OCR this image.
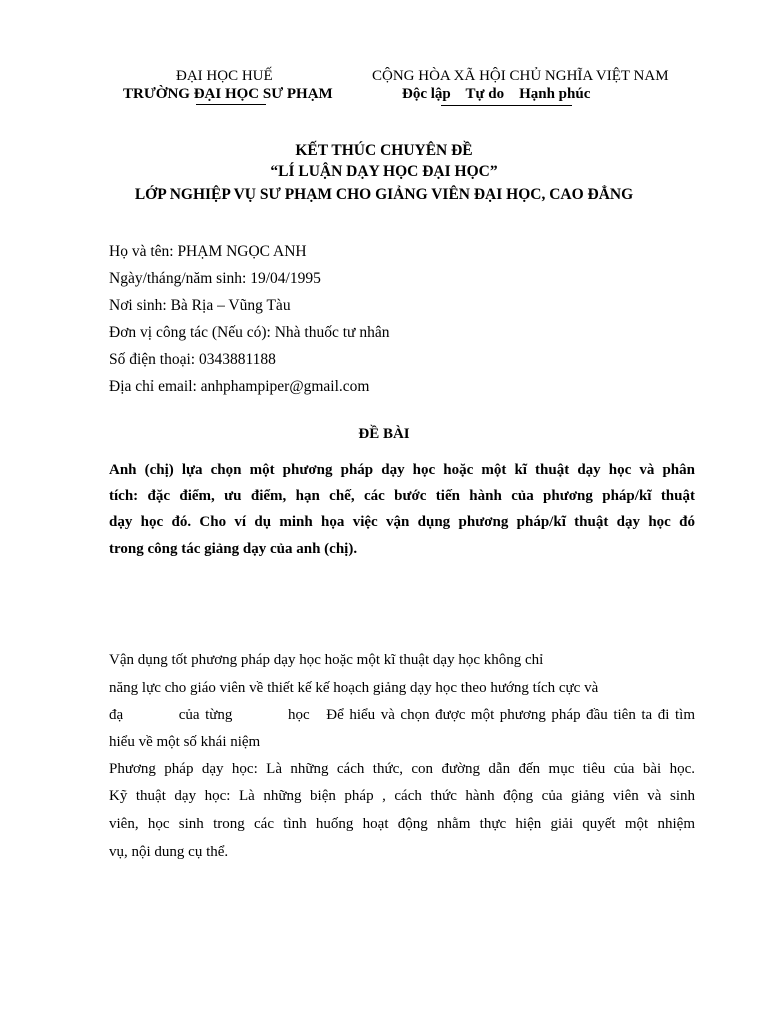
ĐẠI HỌC HUẾ
TRƯỜNG ĐẠI HỌC SƯ PHẠM
CỘNG HÒA XÃ HỘI CHỦ NGHĨA VIỆT NAM
Độc lập    Tự do    Hạnh phúc
KẾT THÚC CHUYÊN ĐỀ
“LÍ LUẬN DẠY HỌC ĐẠI HỌC”
LỚP NGHIỆP VỤ SƯ PHẠM CHO GIẢNG VIÊN ĐẠI HỌC, CAO ĐẲNG
Họ và tên: PHẠM NGỌC ANH
Ngày/tháng/năm sinh: 19/04/1995
Nơi sinh: Bà Rịa – Vũng Tàu
Đơn vị công tác (Nếu có): Nhà thuốc tư nhân
Số điện thoại: 0343881188
Địa chỉ email: anhphampiper@gmail.com
ĐỀ BÀI
Anh (chị) lựa chọn một phương pháp dạy học hoặc một kĩ thuật dạy học và phân
tích: đặc điểm, ưu điểm, hạn chế, các bước tiến hành của phương pháp/kĩ thuật
dạy học đó. Cho ví dụ minh họa việc vận dụng phương pháp/kĩ thuật dạy học đó
trong công tác giảng dạy của anh (chị).
Vận dụng tốt phương pháp dạy học hoặc một kĩ thuật dạy học không chỉ
năng lực cho giáo viên về thiết kế kế hoạch giảng dạy học theo hướng tích cực và
đạ          của từng          học   Để hiểu và chọn được một phương pháp đầu tiên ta đi tìm
hiểu về một số khái niệm
Phương pháp dạy học: Là những cách thức, con đường dẫn đến mục tiêu của bài học.
Kỹ thuật dạy học: Là những biện pháp , cách thức hành động của giảng viên và sinh
viên, học sinh trong các tình huống hoạt động nhằm thực hiện giải quyết một nhiệm
vụ, nội dung cụ thể.
